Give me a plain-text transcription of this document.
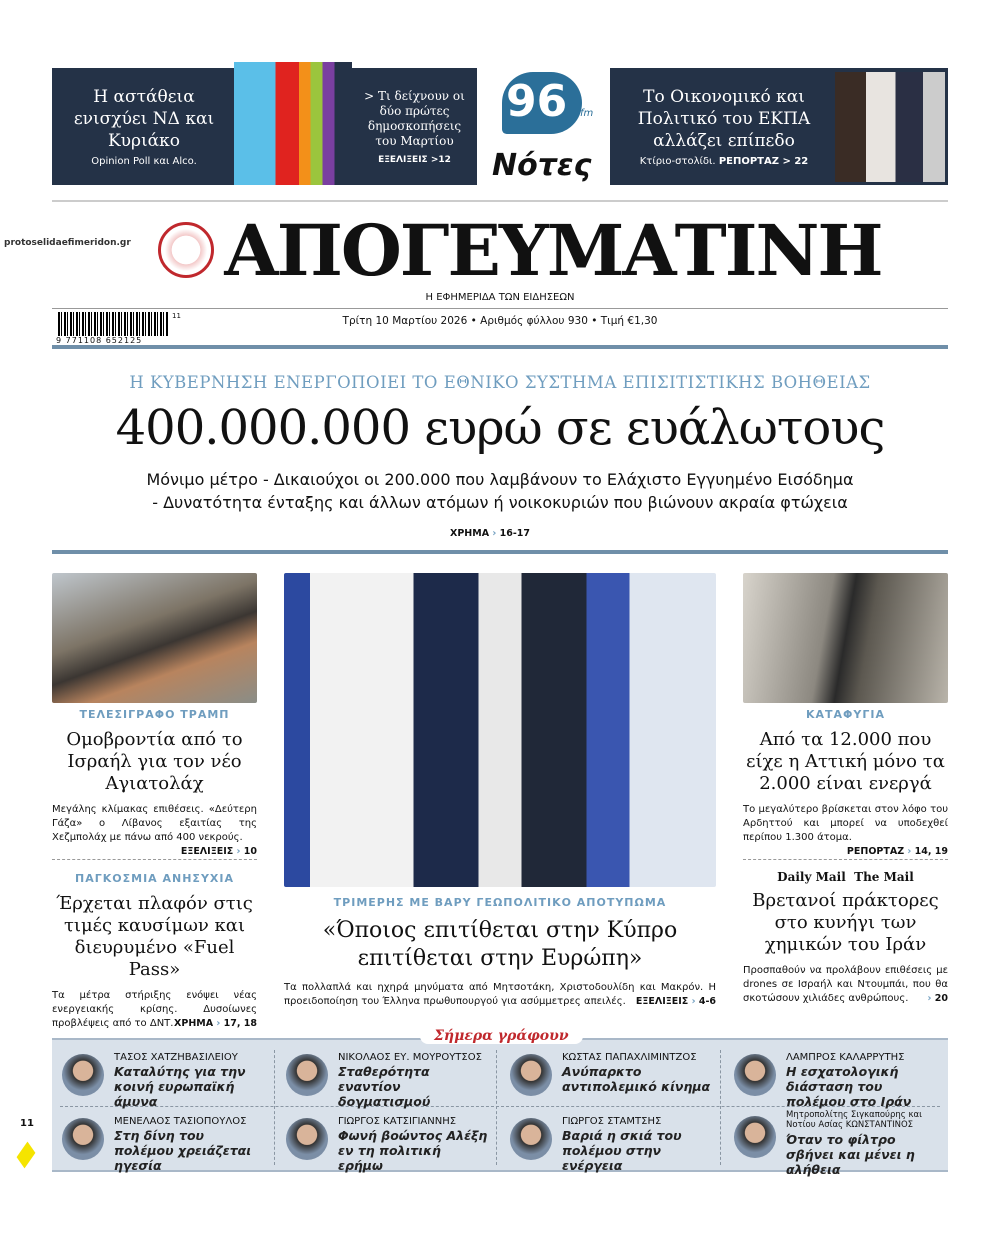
Η αστάθεια ενισχύει ΝΔ και Κυριάκο
Opinion Poll και Alco.
> Τι δείχνουν οι δύο πρώτες δημοσκοπήσεις του Μαρτίου
ΕΞΕΛΙΞΕΙΣ >12
96 fm
Νότες
Το Οικονομικό και Πολιτικό του ΕΚΠΑ αλλάζει επίπεδο
Κτίριο-στολίδι. ΡΕΠΟΡΤΑΖ > 22
protoselidaefimeridon.gr ΑΠΟΓΕΥΜΑΤΙΝΗ
Η ΕΦΗΜΕΡΙΔΑ ΤΩΝ ΕΙΔΗΣΕΩΝ
9 771108 652125
11	Τρίτη 10 Μαρτίου 2026 • Αριθμός φύλλου 930 • Τιμή €1,30
Η ΚΥΒΕΡΝΗΣΗ ΕΝΕΡΓΟΠΟΙΕΙ ΤΟ ΕΘΝΙΚΟ ΣΥΣΤΗΜΑ ΕΠΙΣΙΤΙΣΤΙΚΗΣ ΒΟΗΘΕΙΑΣ
400.000.000 ευρώ σε ευάλωτους
Μόνιμο μέτρο - Δικαιούχοι οι 200.000 που λαμβάνουν το Ελάχιστο Εγγυημένο Εισόδημα
- Δυνατότητα ένταξης και άλλων ατόμων ή νοικοκυριών που βιώνουν ακραία φτώχεια
ΧΡΗΜΑ › 16-17
ΤΕΛΕΣΙΓΡΑΦΟ ΤΡΑΜΠ
Ομοβροντία από το Ισραήλ για τον νέο Αγιατολάχ
Μεγάλης κλίμακας επιθέσεις. «Δεύτερη Γάζα» ο Λίβανος εξαιτίας της Χεζμπολάχ με πάνω από 400 νεκρούς.
ΕΞΕΛΙΞΕΙΣ › 10
ΠΑΓΚΟΣΜΙΑ ΑΝΗΣΥΧΙΑ
Έρχεται πλαφόν στις τιμές καυσίμων και διευρυμένο «Fuel Pass»
Τα μέτρα στήριξης ενόψει νέας ενεργειακής κρίσης. Δυσοίωνες προβλέψεις από το ΔΝΤ. ΧΡΗΜΑ › 17, 18
ΤΡΙΜΕΡΗΣ ΜΕ ΒΑΡΥ ΓΕΩΠΟΛΙΤΙΚΟ ΑΠΟΤΥΠΩΜΑ
«Όποιος επιτίθεται στην Κύπρο επιτίθεται στην Ευρώπη»
Τα πολλαπλά και ηχηρά μηνύματα από Μητσοτάκη, Χριστοδουλίδη και Μακρόν. Η προειδοποίηση του Έλληνα πρωθυπουργού για ασύμμετρες απειλές. ΕΞΕΛΙΞΕΙΣ › 4-6
ΚΑΤΑΦΥΓΙΑ
Από τα 12.000 που είχε η Αττική μόνο τα 2.000 είναι ενεργά
Το μεγαλύτερο βρίσκεται στον λόφο του Αρδηττού και μπορεί να υποδεχθεί περίπου 1.300 άτομα.
ΡΕΠΟΡΤΑΖ › 14, 19
Daily Mail The Mail
Βρετανοί πράκτορες στο κυνήγι των χημικών του Ιράν
Προσπαθούν να προλάβουν επιθέσεις με drones σε Ισραήλ και Ντουμπάι, που θα σκοτώσουν χιλιάδες ανθρώπους. › 20
Σήμερα γράφουν
ΤΑΣΟΣ ΧΑΤΖΗΒΑΣΙΛΕΙΟΥ
Καταλύτης για την κοινή ευρωπαϊκή άμυνα
ΝΙΚΟΛΑΟΣ ΕΥ. ΜΟΥΡΟΥΤΣΟΣ
Σταθερότητα εναντίον δογματισμού
ΚΩΣΤΑΣ ΠΑΠΑΧΛΙΜΙΝΤΖΟΣ
Ανύπαρκτο αντιπολεμικό κίνημα
ΛΑΜΠΡΟΣ ΚΑΛΑΡΡΥΤΗΣ
Η εσχατολογική διάσταση του πολέμου στο Ιράν
ΜΕΝΕΛΑΟΣ ΤΑΣΙΟΠΟΥΛΟΣ
Στη δίνη του πολέμου χρειάζεται ηγεσία
ΓΙΩΡΓΟΣ ΚΑΤΣΙΓΙΑΝΝΗΣ
Φωνή βοώντος Αλέξη εν τη πολιτική ερήμω
ΓΙΩΡΓΟΣ ΣΤΑΜΤΣΗΣ
Βαριά η σκιά του πολέμου στην ενέργεια
Μητροπολίτης Σιγκαπούρης και Νοτίου Ασίας ΚΩΝΣΤΑΝΤΙΝΟΣ
Όταν το φίλτρο σβήνει και μένει η αλήθεια
11
